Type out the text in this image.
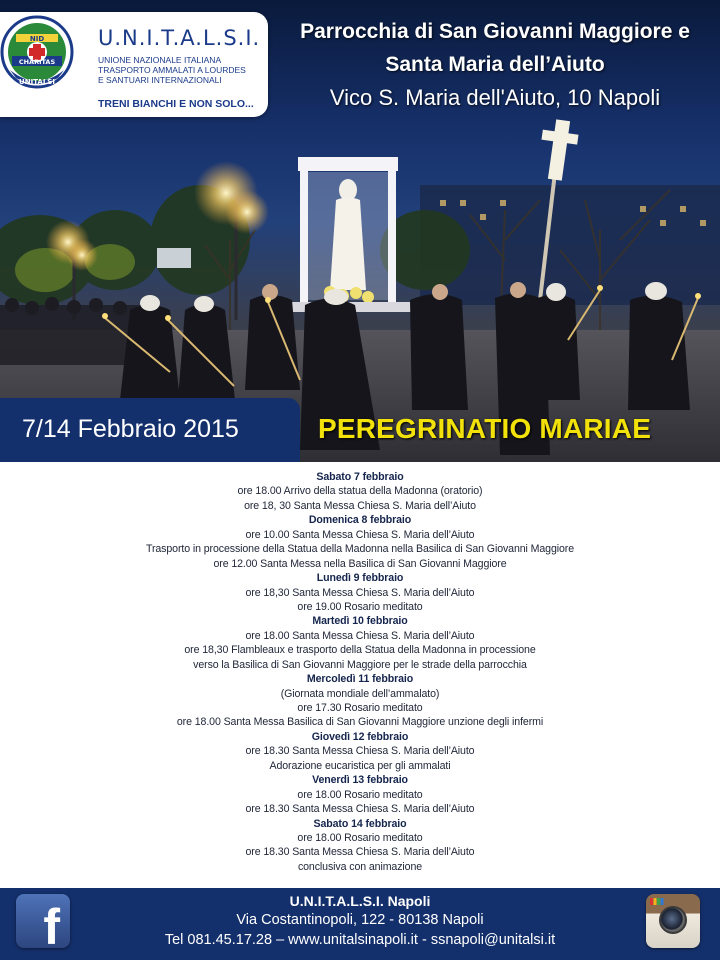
NID
CHARITAS
UNITALSI
U.N.I.T.A.L.S.I.
UNIONE NAZIONALE ITALIANA
TRASPORTO AMMALATI A LOURDES
E SANTUARI INTERNAZIONALI
TRENI BIANCHI E NON SOLO...
Parrocchia di San Giovanni Maggiore e
Santa Maria dell’Aiuto
Vico S. Maria dell'Aiuto, 10 Napoli
7/14 Febbraio 2015	PEREGRINATIO MARIAE
Sabato 7 febbraio
ore 18.00 Arrivo della statua della Madonna (oratorio)
ore 18, 30 Santa Messa Chiesa S. Maria dell’Aiuto
Domenica 8 febbraio
ore 10.00 Santa Messa Chiesa S. Maria dell’Aiuto
Trasporto in processione della Statua della Madonna nella Basilica di San Giovanni Maggiore
ore 12.00 Santa Messa nella Basilica di San Giovanni Maggiore
Lunedì 9 febbraio
ore 18,30 Santa Messa Chiesa S. Maria dell’Aiuto
ore 19.00 Rosario meditato
Martedì 10 febbraio
ore 18.00 Santa Messa Chiesa S. Maria dell’Aiuto
ore 18,30 Flambleaux e trasporto della Statua della Madonna in processione
verso la Basilica di San Giovanni Maggiore per le strade della parrocchia
Mercoledì 11 febbraio
(Giornata mondiale dell’ammalato)
ore 17.30 Rosario meditato
ore 18.00 Santa Messa Basilica di San Giovanni Maggiore unzione degli infermi
Giovedì 12 febbraio
ore 18.30 Santa Messa Chiesa S. Maria dell’Aiuto
Adorazione eucaristica per gli ammalati
Venerdì 13 febbraio
ore 18.00 Rosario meditato
ore 18.30 Santa Messa Chiesa S. Maria dell’Aiuto
Sabato 14 febbraio
ore 18.00 Rosario meditato
ore 18.30 Santa Messa Chiesa S. Maria dell’Aiuto
conclusiva con animazione
f	U.N.I.T.A.L.S.I. Napoli
Via Costantinopoli, 122 - 80138 Napoli
Tel 081.45.17.28 – www.unitalsinapoli.it - ssnapoli@unitalsi.it
